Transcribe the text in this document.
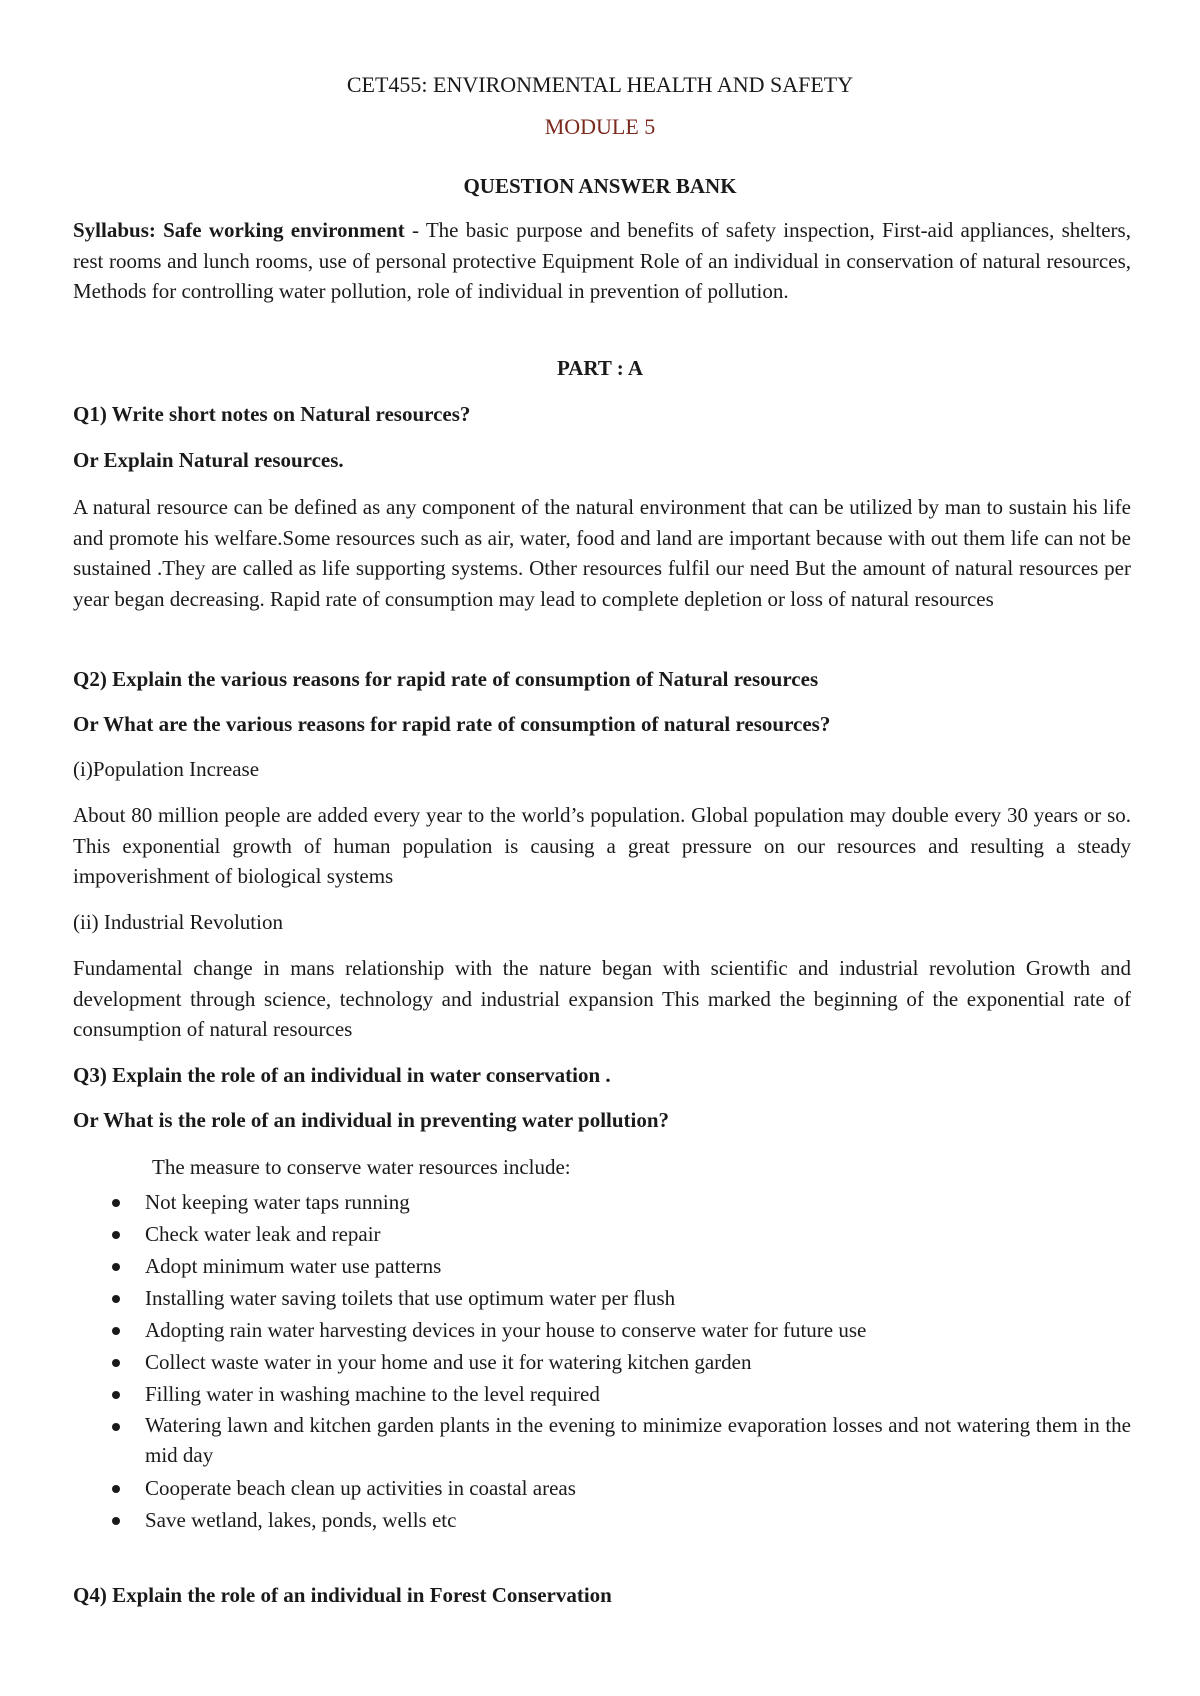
CET455: ENVIRONMENTAL HEALTH AND SAFETY
MODULE 5
QUESTION ANSWER BANK

Syllabus: Safe working environment - The basic purpose and benefits of safety inspection, First-aid appliances, shelters, rest rooms and lunch rooms, use of personal protective Equipment Role of an individual in conservation of natural resources, Methods for controlling water pollution, role of individual in prevention of pollution.

PART : A

Q1) Write short notes on Natural resources?

Or Explain Natural resources.

A natural resource can be defined as any component of the natural environment that can be utilized by man to sustain his life and promote his welfare.Some resources such as air, water, food and land are important because with out them life can not be sustained .They are called as life supporting systems. Other resources fulfil our need But the amount of natural resources per year began decreasing. Rapid rate of consumption may lead to complete depletion or loss of natural resources

Q2) Explain the various reasons for rapid rate of consumption of Natural resources

Or What are the various reasons for rapid rate of consumption of natural resources?

(i)Population Increase

About 80 million people are added every year to the world’s population. Global population may double every 30 years or so. This exponential growth of human population is causing a great pressure on our resources and resulting a steady impoverishment of biological systems

(ii) Industrial Revolution

Fundamental change in mans relationship with the nature began with scientific and industrial revolution Growth and development through science, technology and industrial expansion This marked the beginning of the exponential rate of consumption of natural resources

Q3) Explain the role of an individual in water conservation .

Or What is the role of an individual in preventing water pollution?

The measure to conserve water resources include:

Not keeping water taps running
Check water leak and repair
Adopt minimum water use patterns
Installing water saving toilets that use optimum water per flush
Adopting rain water harvesting devices in your house to conserve water for future use
Collect waste water in your home and use it for watering kitchen garden
Filling water in washing machine to the level required
Watering lawn and kitchen garden plants in the evening to minimize evaporation losses and not watering them in the mid day
Cooperate beach clean up activities in coastal areas
Save wetland, lakes, ponds, wells etc

Q4) Explain the role of an individual in Forest Conservation
